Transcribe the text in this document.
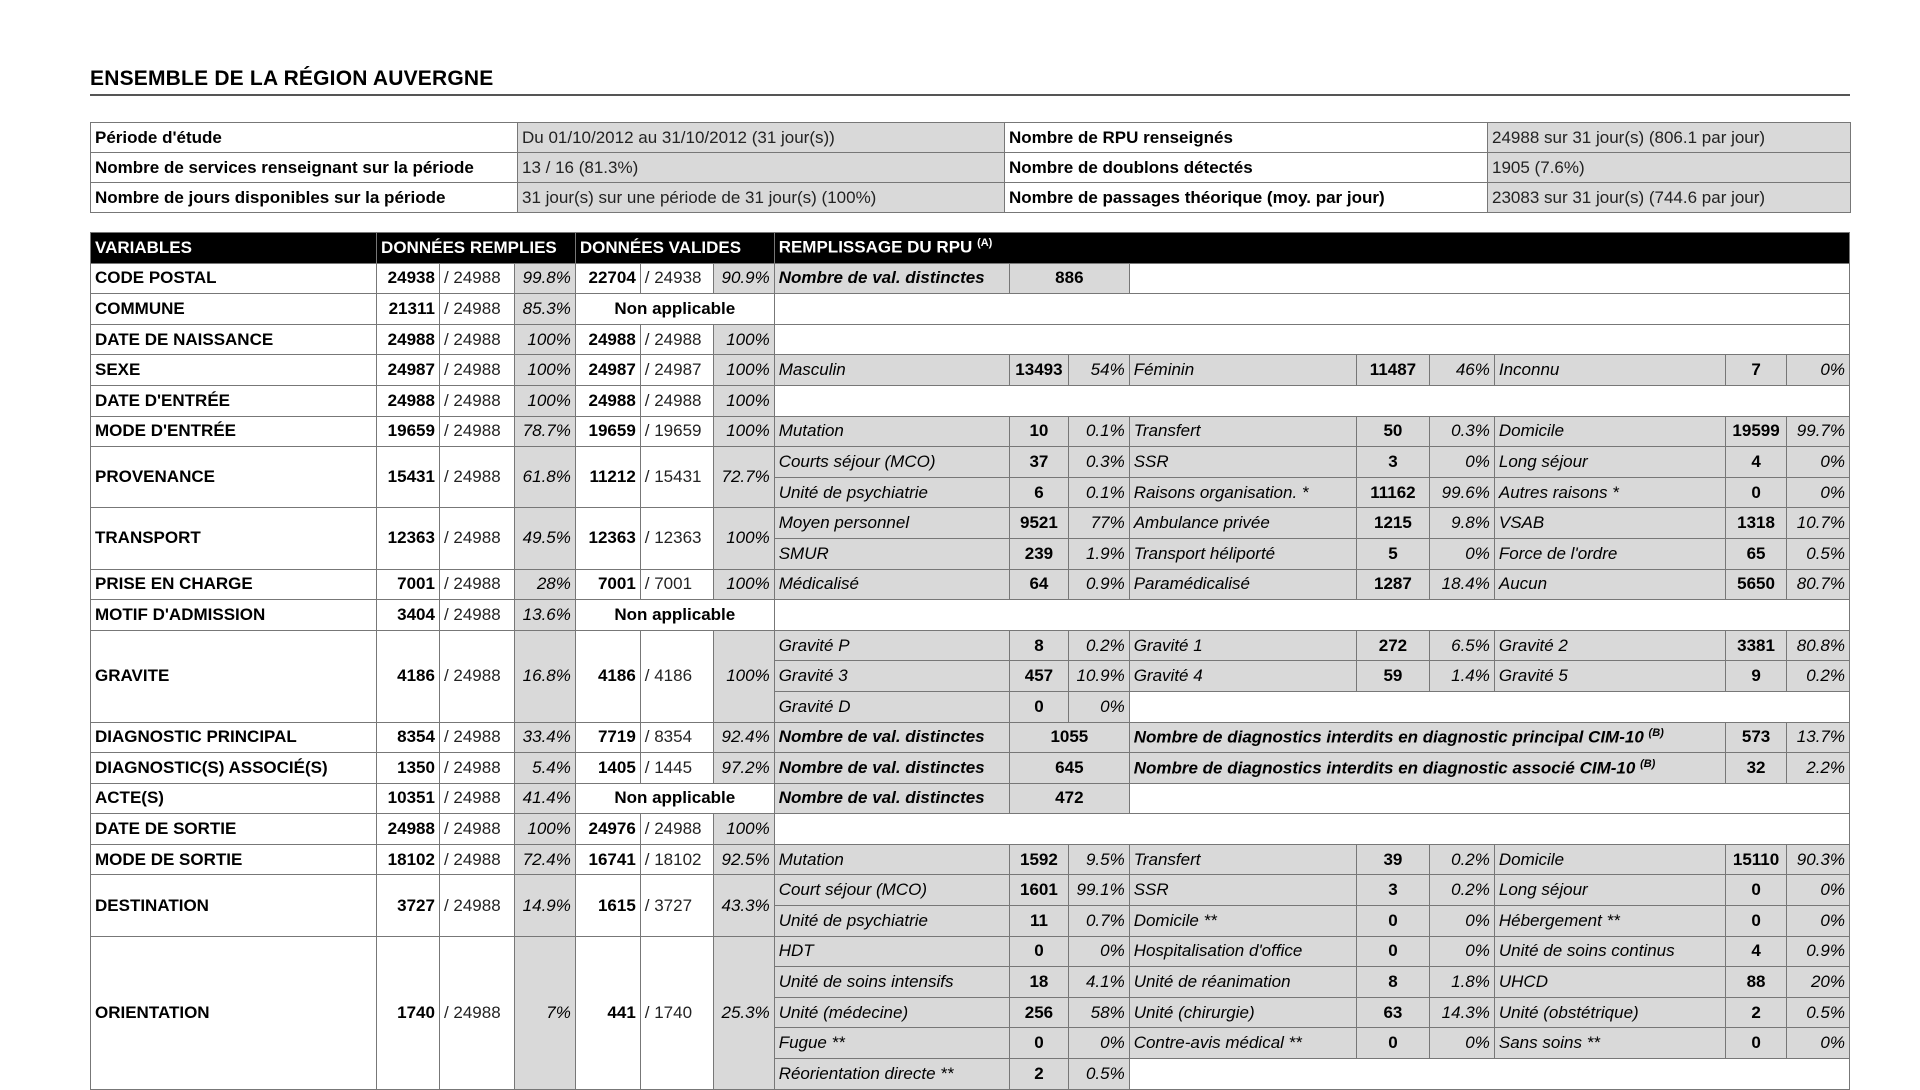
ENSEMBLE DE LA RÉGION AUVERGNE
Période d'étude	Du 01/10/2012 au 31/10/2012 (31 jour(s))	Nombre de RPU renseignés	24988 sur 31 jour(s) (806.1 par jour)
Nombre de services renseignant sur la période	13 / 16 (81.3%)	Nombre de doublons détectés	1905 (7.6%)
Nombre de jours disponibles sur la période	31 jour(s) sur une période de 31 jour(s) (100%)	Nombre de passages théorique (moy. par jour)	23083 sur 31 jour(s) (744.6 par jour)
VARIABLES	DONNÉES REMPLIES			DONNÉES VALIDES			REMPLISSAGE DU RPU $^{(A)}$
CODE POSTAL	24938	/ 24988	99.8%	22704	/ 24938	90.9%	Nombre de val. distinctes	886							
COMMUNE	21311	/ 24988	85.3%	Non applicable											
DATE DE NAISSANCE	24988	/ 24988	100%	24988	/ 24988	100%									
SEXE	24987	/ 24988	100%	24987	/ 24987	100%	Masculin	13493	54%	Féminin	11487	46%	Inconnu	7	0%
DATE D'ENTRÉE	24988	/ 24988	100%	24988	/ 24988	100%									
MODE D'ENTRÉE	19659	/ 24988	78.7%	19659	/ 19659	100%	Mutation	10	0.1%	Transfert	50	0.3%	Domicile	19599	99.7%
PROVENANCE	15431	/ 24988	61.8%	11212	/ 15431	72.7%	Courts séjour (MCO)	37	0.3%	SSR	3	0%	Long séjour	4	0%
							Unité de psychiatrie	6	0.1%	Raisons organisation. *	11162	99.6%	Autres raisons *	0	0%
TRANSPORT	12363	/ 24988	49.5%	12363	/ 12363	100%	Moyen personnel	9521	77%	Ambulance privée	1215	9.8%	VSAB	1318	10.7%
							SMUR	239	1.9%	Transport héliporté	5	0%	Force de l'ordre	65	0.5%
PRISE EN CHARGE	7001	/ 24988	28%	7001	/ 7001	100%	Médicalisé	64	0.9%	Paramédicalisé	1287	18.4%	Aucun	5650	80.7%
MOTIF D'ADMISSION	3404	/ 24988	13.6%	Non applicable											
GRAVITE	4186	/ 24988	16.8%	4186	/ 4186	100%	Gravité P	8	0.2%	Gravité 1	272	6.5%	Gravité 2	3381	80.8%
							Gravité 3	457	10.9%	Gravité 4	59	1.4%	Gravité 5	9	0.2%
							Gravité D	0	0%						
DIAGNOSTIC PRINCIPAL	8354	/ 24988	33.4%	7719	/ 8354	92.4%	Nombre de val. distinctes	1055		Nombre de diagnostics interdits en diagnostic principal CIM-10 $^{(B)}$				573	13.7%
DIAGNOSTIC(S) ASSOCIÉ(S)	1350	/ 24988	5.4%	1405	/ 1445	97.2%	Nombre de val. distinctes	645		Nombre de diagnostics interdits en diagnostic associé CIM-10 $^{(B)}$				32	2.2%
ACTE(S)	10351	/ 24988	41.4%	Non applicable			Nombre de val. distinctes	472							
DATE DE SORTIE	24988	/ 24988	100%	24976	/ 24988	100%									
MODE DE SORTIE	18102	/ 24988	72.4%	16741	/ 18102	92.5%	Mutation	1592	9.5%	Transfert	39	0.2%	Domicile	15110	90.3%
DESTINATION	3727	/ 24988	14.9%	1615	/ 3727	43.3%	Court séjour (MCO)	1601	99.1%	SSR	3	0.2%	Long séjour	0	0%
							Unité de psychiatrie	11	0.7%	Domicile **	0	0%	Hébergement **	0	0%
ORIENTATION	1740	/ 24988	7%	441	/ 1740	25.3%	HDT	0	0%	Hospitalisation d'office	0	0%	Unité de soins continus	4	0.9%
							Unité de soins intensifs	18	4.1%	Unité de réanimation	8	1.8%	UHCD	88	20%
							Unité (médecine)	256	58%	Unité (chirurgie)	63	14.3%	Unité (obstétrique)	2	0.5%
							Fugue **	0	0%	Contre-avis médical **	0	0%	Sans soins **	0	0%
							Réorientation directe **	2	0.5%						
